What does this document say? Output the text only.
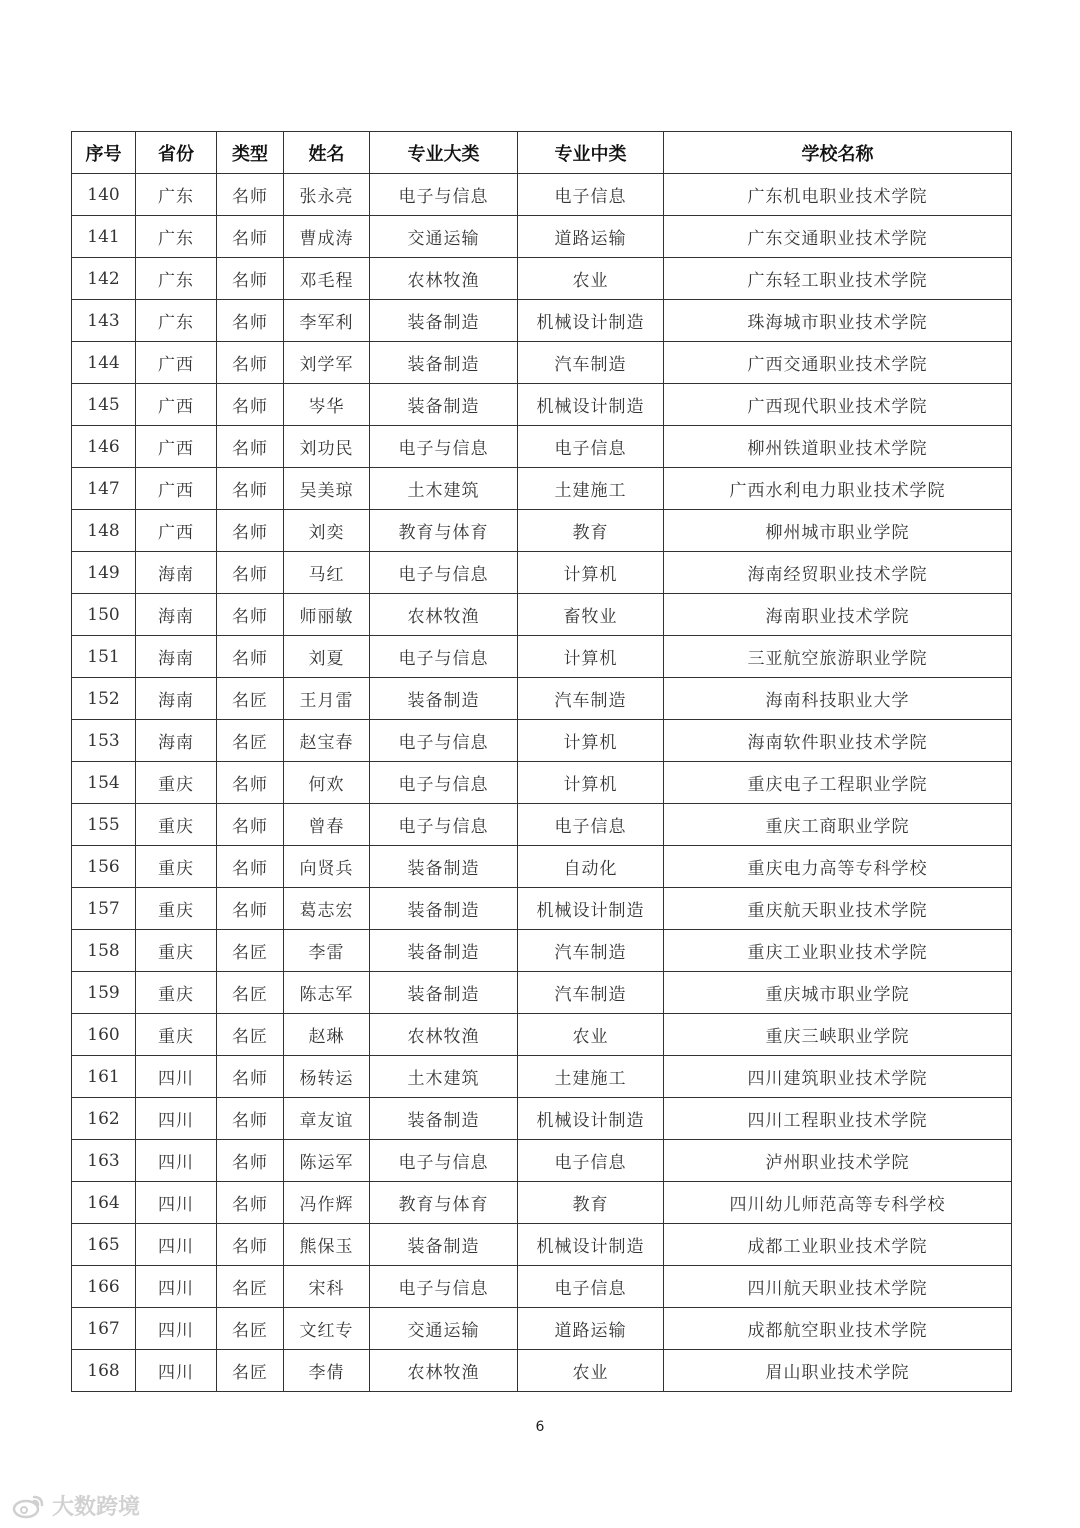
序号	省份	类型	姓名	专业大类	专业中类	学校名称
140	广东	名师	张永亮	电子与信息	电子信息	广东机电职业技术学院
141	广东	名师	曹成涛	交通运输	道路运输	广东交通职业技术学院
142	广东	名师	邓毛程	农林牧渔	农业	广东轻工职业技术学院
143	广东	名师	李军利	装备制造	机械设计制造	珠海城市职业技术学院
144	广西	名师	刘学军	装备制造	汽车制造	广西交通职业技术学院
145	广西	名师	岑华	装备制造	机械设计制造	广西现代职业技术学院
146	广西	名师	刘功民	电子与信息	电子信息	柳州铁道职业技术学院
147	广西	名师	吴美琼	土木建筑	土建施工	广西水利电力职业技术学院
148	广西	名师	刘奕	教育与体育	教育	柳州城市职业学院
149	海南	名师	马红	电子与信息	计算机	海南经贸职业技术学院
150	海南	名师	师丽敏	农林牧渔	畜牧业	海南职业技术学院
151	海南	名师	刘夏	电子与信息	计算机	三亚航空旅游职业学院
152	海南	名匠	王月雷	装备制造	汽车制造	海南科技职业大学
153	海南	名匠	赵宝春	电子与信息	计算机	海南软件职业技术学院
154	重庆	名师	何欢	电子与信息	计算机	重庆电子工程职业学院
155	重庆	名师	曾春	电子与信息	电子信息	重庆工商职业学院
156	重庆	名师	向贤兵	装备制造	自动化	重庆电力高等专科学校
157	重庆	名师	葛志宏	装备制造	机械设计制造	重庆航天职业技术学院
158	重庆	名匠	李雷	装备制造	汽车制造	重庆工业职业技术学院
159	重庆	名匠	陈志军	装备制造	汽车制造	重庆城市职业学院
160	重庆	名匠	赵琳	农林牧渔	农业	重庆三峡职业学院
161	四川	名师	杨转运	土木建筑	土建施工	四川建筑职业技术学院
162	四川	名师	章友谊	装备制造	机械设计制造	四川工程职业技术学院
163	四川	名师	陈运军	电子与信息	电子信息	泸州职业技术学院
164	四川	名师	冯作辉	教育与体育	教育	四川幼儿师范高等专科学校
165	四川	名师	熊保玉	装备制造	机械设计制造	成都工业职业技术学院
166	四川	名匠	宋科	电子与信息	电子信息	四川航天职业技术学院
167	四川	名匠	文红专	交通运输	道路运输	成都航空职业技术学院
168	四川	名匠	李倩	农林牧渔	农业	眉山职业技术学院
6
大数跨境
